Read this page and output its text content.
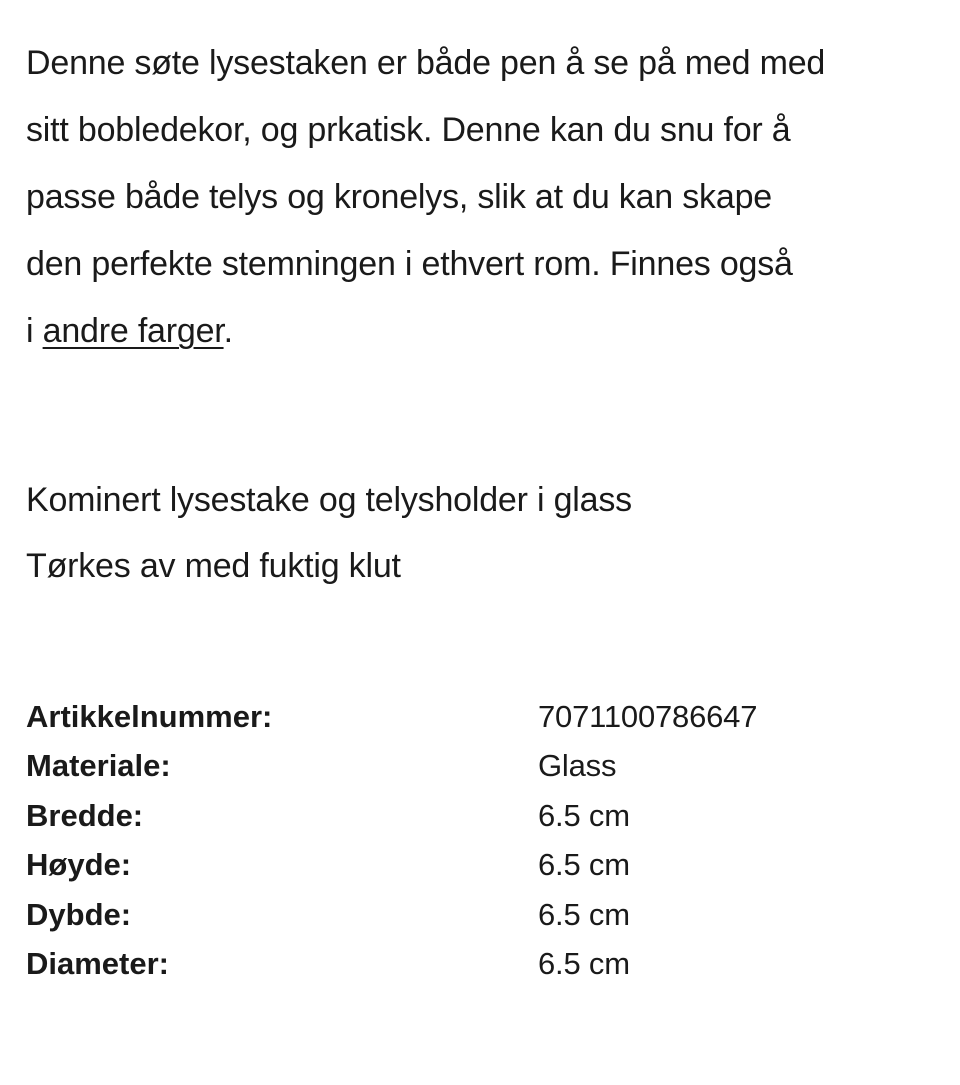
Denne søte lysestaken er både pen å se på med med
sitt bobledekor, og prkatisk. Denne kan du snu for å
passe både telys og kronelys, slik at du kan skape
den perfekte stemningen i ethvert rom. Finnes også
i andre farger.
Kominert lysestake og telysholder i glass
Tørkes av med fuktig klut
Artikkelnummer:	7071100786647
Materiale:	Glass
Bredde:	6.5 cm
Høyde:	6.5 cm
Dybde:	6.5 cm
Diameter:	6.5 cm
